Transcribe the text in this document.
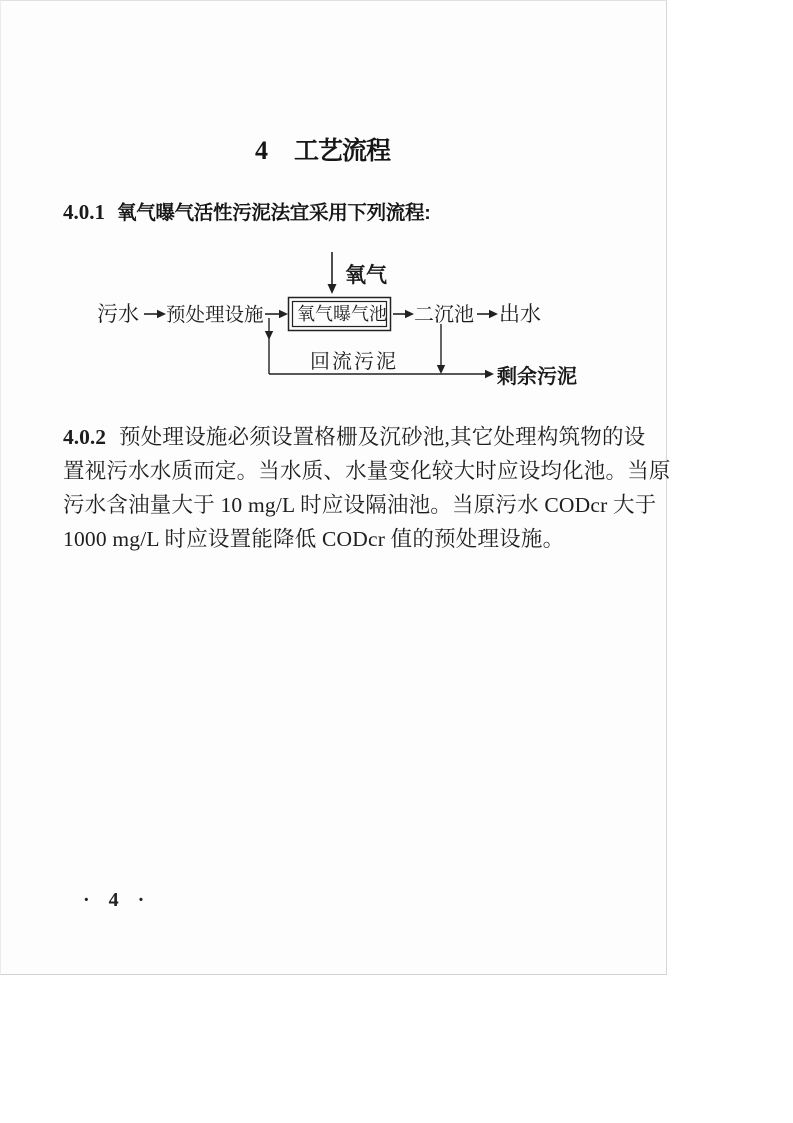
4 工艺流程
4.0.1 氧气曝气活性污泥法宜采用下列流程:
氧气
污水 预处理设施 氧气曝气池 二沉池 出水
回流污泥
剩余污泥
4.0.2 预处理设施必须设置格栅及沉砂池,其它处理构筑物的设
置视污水水质而定。当水质、水量变化较大时应设均化池。当原
污水含油量大于 10 mg/L 时应设隔油池。当原污水 CODcr 大于
1000 mg/L 时应设置能降低 CODcr 值的预处理设施。
· 4 ·
